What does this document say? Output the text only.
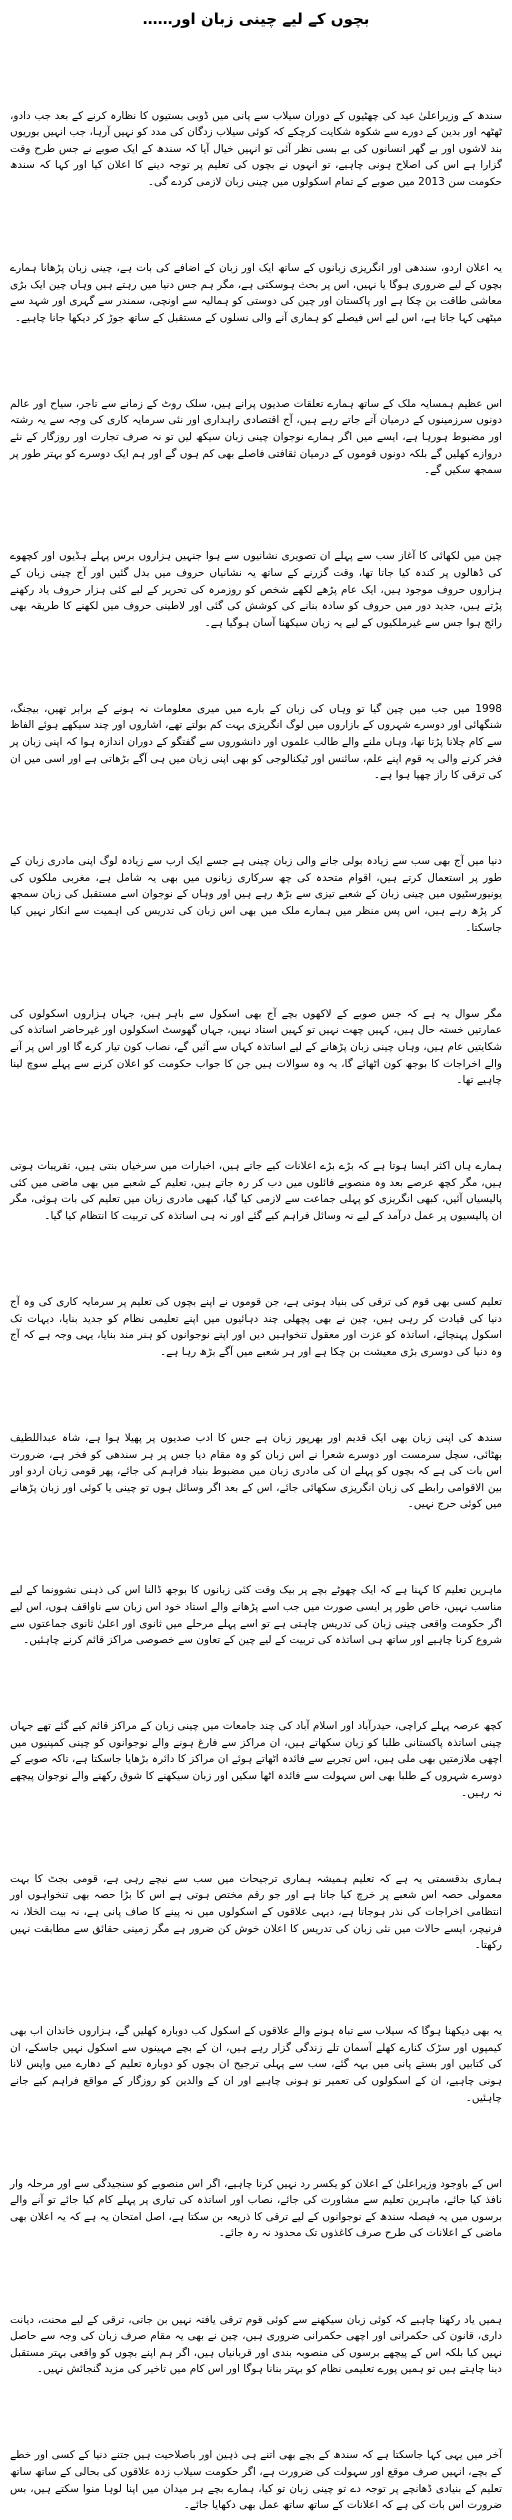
بچوں کے لیے چینی زبان اور……

سندھ کے وزیراعلیٰ عید کی چھٹیوں کے دوران سیلاب سے پانی میں ڈوبی بستیوں کا نظارہ کرنے کے بعد جب دادو، ٹھٹھہ اور بدین کے دورے سے شکوہ شکایت کرچکے کہ کوئی سیلاب زدگان کی مدد کو نہیں آرہا، جب انہیں بوریوں بند لاشوں اور بے گھر انسانوں کی بے بسی نظر آئی تو انہیں خیال آیا کہ سندھ کے ایک صوبے نے جس طرح وقت گزارا ہے اس کی اصلاح ہونی چاہیے، تو انہوں نے بچوں کی تعلیم پر توجہ دینے کا اعلان کیا اور کہا کہ سندھ حکومت سن 2013 میں صوبے کے تمام اسکولوں میں چینی زبان لازمی کردے گی۔

یہ اعلان اردو، سندھی اور انگریزی زبانوں کے ساتھ ایک اور زبان کے اضافے کی بات ہے، چینی زبان پڑھانا ہمارے بچوں کے لیے ضروری ہوگا یا نہیں، اس پر بحث ہوسکتی ہے، مگر ہم جس دنیا میں رہتے ہیں وہاں چین ایک بڑی معاشی طاقت بن چکا ہے اور پاکستان اور چین کی دوستی کو ہمالیہ سے اونچی، سمندر سے گہری اور شہد سے میٹھی کہا جاتا ہے، اس لیے اس فیصلے کو ہماری آنے والی نسلوں کے مستقبل کے ساتھ جوڑ کر دیکھا جانا چاہیے۔

اس عظیم ہمسایہ ملک کے ساتھ ہمارے تعلقات صدیوں پرانے ہیں، سلک روٹ کے زمانے سے تاجر، سیاح اور عالم دونوں سرزمینوں کے درمیان آتے جاتے رہے ہیں، آج اقتصادی راہداری اور نئی سرمایہ کاری کی وجہ سے یہ رشتہ اور مضبوط ہورہا ہے، ایسے میں اگر ہمارے نوجوان چینی زبان سیکھ لیں تو نہ صرف تجارت اور روزگار کے نئے دروازے کھلیں گے بلکہ دونوں قوموں کے درمیان ثقافتی فاصلے بھی کم ہوں گے اور ہم ایک دوسرے کو بہتر طور پر سمجھ سکیں گے۔

چین میں لکھائی کا آغاز سب سے پہلے ان تصویری نشانیوں سے ہوا جنہیں ہزاروں برس پہلے ہڈیوں اور کچھوے کی ڈھالوں پر کندہ کیا جاتا تھا، وقت گزرنے کے ساتھ یہ نشانیاں حروف میں بدل گئیں اور آج چینی زبان کے ہزاروں حروف موجود ہیں، ایک عام پڑھے لکھے شخص کو روزمرہ کی تحریر کے لیے کئی ہزار حروف یاد رکھنے پڑتے ہیں، جدید دور میں حروف کو سادہ بنانے کی کوشش کی گئی اور لاطینی حروف میں لکھنے کا طریقہ بھی رائج ہوا جس سے غیرملکیوں کے لیے یہ زبان سیکھنا آسان ہوگیا ہے۔

1998 میں جب میں چین گیا تو وہاں کی زبان کے بارے میں میری معلومات نہ ہونے کے برابر تھیں، بیجنگ، شنگھائی اور دوسرے شہروں کے بازاروں میں لوگ انگریزی بہت کم بولتے تھے، اشاروں اور چند سیکھے ہوئے الفاظ سے کام چلانا پڑتا تھا، وہاں ملنے والے طالب علموں اور دانشوروں سے گفتگو کے دوران اندازہ ہوا کہ اپنی زبان پر فخر کرنے والی یہ قوم اپنے علم، سائنس اور ٹیکنالوجی کو بھی اپنی زبان میں ہی آگے بڑھاتی ہے اور اسی میں ان کی ترقی کا راز چھپا ہوا ہے۔

دنیا میں آج بھی سب سے زیادہ بولی جانے والی زبان چینی ہے جسے ایک ارب سے زیادہ لوگ اپنی مادری زبان کے طور پر استعمال کرتے ہیں، اقوام متحدہ کی چھ سرکاری زبانوں میں بھی یہ شامل ہے، مغربی ملکوں کی یونیورسٹیوں میں چینی زبان کے شعبے تیزی سے بڑھ رہے ہیں اور وہاں کے نوجوان اسے مستقبل کی زبان سمجھ کر پڑھ رہے ہیں، اس پس منظر میں ہمارے ملک میں بھی اس زبان کی تدریس کی اہمیت سے انکار نہیں کیا جاسکتا۔

مگر سوال یہ ہے کہ جس صوبے کے لاکھوں بچے آج بھی اسکول سے باہر ہیں، جہاں ہزاروں اسکولوں کی عمارتیں خستہ حال ہیں، کہیں چھت نہیں تو کہیں استاد نہیں، جہاں گھوسٹ اسکولوں اور غیرحاضر اساتذہ کی شکایتیں عام ہیں، وہاں چینی زبان پڑھانے کے لیے اساتذہ کہاں سے آئیں گے، نصاب کون تیار کرے گا اور اس پر آنے والے اخراجات کا بوجھ کون اٹھائے گا، یہ وہ سوالات ہیں جن کا جواب حکومت کو اعلان کرنے سے پہلے سوچ لینا چاہیے تھا۔

ہمارے ہاں اکثر ایسا ہوتا ہے کہ بڑے بڑے اعلانات کیے جاتے ہیں، اخبارات میں سرخیاں بنتی ہیں، تقریبات ہوتی ہیں، مگر کچھ عرصے بعد وہ منصوبے فائلوں میں دب کر رہ جاتے ہیں، تعلیم کے شعبے میں بھی ماضی میں کئی پالیسیاں آئیں، کبھی انگریزی کو پہلی جماعت سے لازمی کیا گیا، کبھی مادری زبان میں تعلیم کی بات ہوئی، مگر ان پالیسیوں پر عمل درآمد کے لیے نہ وسائل فراہم کیے گئے اور نہ ہی اساتذہ کی تربیت کا انتظام کیا گیا۔

تعلیم کسی بھی قوم کی ترقی کی بنیاد ہوتی ہے، جن قوموں نے اپنے بچوں کی تعلیم پر سرمایہ کاری کی وہ آج دنیا کی قیادت کر رہی ہیں، چین نے بھی پچھلی چند دہائیوں میں اپنے تعلیمی نظام کو جدید بنایا، دیہات تک اسکول پہنچائے، اساتذہ کو عزت اور معقول تنخواہیں دیں اور اپنے نوجوانوں کو ہنر مند بنایا، یہی وجہ ہے کہ آج وہ دنیا کی دوسری بڑی معیشت بن چکا ہے اور ہر شعبے میں آگے بڑھ رہا ہے۔

سندھ کی اپنی زبان بھی ایک قدیم اور بھرپور زبان ہے جس کا ادب صدیوں پر پھیلا ہوا ہے، شاہ عبداللطیف بھٹائی، سچل سرمست اور دوسرے شعرا نے اس زبان کو وہ مقام دیا جس پر ہر سندھی کو فخر ہے، ضرورت اس بات کی ہے کہ بچوں کو پہلے ان کی مادری زبان میں مضبوط بنیاد فراہم کی جائے، پھر قومی زبان اردو اور بین الاقوامی رابطے کی زبان انگریزی سکھائی جائے، اس کے بعد اگر وسائل ہوں تو چینی یا کوئی اور زبان پڑھانے میں کوئی حرج نہیں۔

ماہرین تعلیم کا کہنا ہے کہ ایک چھوٹے بچے پر بیک وقت کئی زبانوں کا بوجھ ڈالنا اس کی ذہنی نشوونما کے لیے مناسب نہیں، خاص طور پر ایسی صورت میں جب اسے پڑھانے والے استاد خود اس زبان سے ناواقف ہوں، اس لیے اگر حکومت واقعی چینی زبان کی تدریس چاہتی ہے تو اسے پہلے مرحلے میں ثانوی اور اعلیٰ ثانوی جماعتوں سے شروع کرنا چاہیے اور ساتھ ہی اساتذہ کی تربیت کے لیے چین کے تعاون سے خصوصی مراکز قائم کرنے چاہئیں۔

کچھ عرصہ پہلے کراچی، حیدرآباد اور اسلام آباد کی چند جامعات میں چینی زبان کے مراکز قائم کیے گئے تھے جہاں چینی اساتذہ پاکستانی طلبا کو زبان سکھاتے ہیں، ان مراکز سے فارغ ہونے والے نوجوانوں کو چینی کمپنیوں میں اچھی ملازمتیں بھی ملی ہیں، اس تجربے سے فائدہ اٹھاتے ہوئے ان مراکز کا دائرہ بڑھایا جاسکتا ہے، تاکہ صوبے کے دوسرے شہروں کے طلبا بھی اس سہولت سے فائدہ اٹھا سکیں اور زبان سیکھنے کا شوق رکھنے والے نوجوان پیچھے نہ رہیں۔

ہماری بدقسمتی یہ ہے کہ تعلیم ہمیشہ ہماری ترجیحات میں سب سے نیچے رہی ہے، قومی بجٹ کا بہت معمولی حصہ اس شعبے پر خرچ کیا جاتا ہے اور جو رقم مختص ہوتی ہے اس کا بڑا حصہ بھی تنخواہوں اور انتظامی اخراجات کی نذر ہوجاتا ہے، دیہی علاقوں کے اسکولوں میں نہ پینے کا صاف پانی ہے، نہ بیت الخلا، نہ فرنیچر، ایسے حالات میں نئی زبان کی تدریس کا اعلان خوش کن ضرور ہے مگر زمینی حقائق سے مطابقت نہیں رکھتا۔

یہ بھی دیکھنا ہوگا کہ سیلاب سے تباہ ہونے والے علاقوں کے اسکول کب دوبارہ کھلیں گے، ہزاروں خاندان اب بھی کیمپوں اور سڑک کنارے کھلے آسمان تلے زندگی گزار رہے ہیں، ان کے بچے مہینوں سے اسکول نہیں جاسکے، ان کی کتابیں اور بستے پانی میں بہہ گئے، سب سے پہلی ترجیح ان بچوں کو دوبارہ تعلیم کے دھارے میں واپس لانا ہونی چاہیے، ان کے اسکولوں کی تعمیر نو ہونی چاہیے اور ان کے والدین کو روزگار کے مواقع فراہم کیے جانے چاہئیں۔

اس کے باوجود وزیراعلیٰ کے اعلان کو یکسر رد نہیں کرنا چاہیے، اگر اس منصوبے کو سنجیدگی سے اور مرحلہ وار نافذ کیا جائے، ماہرین تعلیم سے مشاورت کی جائے، نصاب اور اساتذہ کی تیاری پر پہلے کام کیا جائے تو آنے والے برسوں میں یہ فیصلہ سندھ کے نوجوانوں کے لیے ترقی کا ذریعہ بن سکتا ہے، اصل امتحان یہ ہے کہ یہ اعلان بھی ماضی کے اعلانات کی طرح صرف کاغذوں تک محدود نہ رہ جائے۔

ہمیں یاد رکھنا چاہیے کہ کوئی زبان سیکھنے سے کوئی قوم ترقی یافتہ نہیں بن جاتی، ترقی کے لیے محنت، دیانت داری، قانون کی حکمرانی اور اچھی حکمرانی ضروری ہیں، چین نے بھی یہ مقام صرف زبان کی وجہ سے حاصل نہیں کیا بلکہ اس کے پیچھے برسوں کی منصوبہ بندی اور قربانیاں ہیں، اگر ہم اپنے بچوں کو واقعی بہتر مستقبل دینا چاہتے ہیں تو ہمیں پورے تعلیمی نظام کو بہتر بنانا ہوگا اور اس کام میں تاخیر کی مزید گنجائش نہیں۔

آخر میں یہی کہا جاسکتا ہے کہ سندھ کے بچے بھی اتنے ہی ذہین اور باصلاحیت ہیں جتنے دنیا کے کسی اور خطے کے بچے، انہیں صرف موقع اور سہولت کی ضرورت ہے، اگر حکومت سیلاب زدہ علاقوں کی بحالی کے ساتھ ساتھ تعلیم کے بنیادی ڈھانچے پر توجہ دے تو چینی زبان تو کیا، ہمارے بچے ہر میدان میں اپنا لوہا منوا سکتے ہیں، بس ضرورت اس بات کی ہے کہ اعلانات کے ساتھ ساتھ عمل بھی دکھایا جائے۔
